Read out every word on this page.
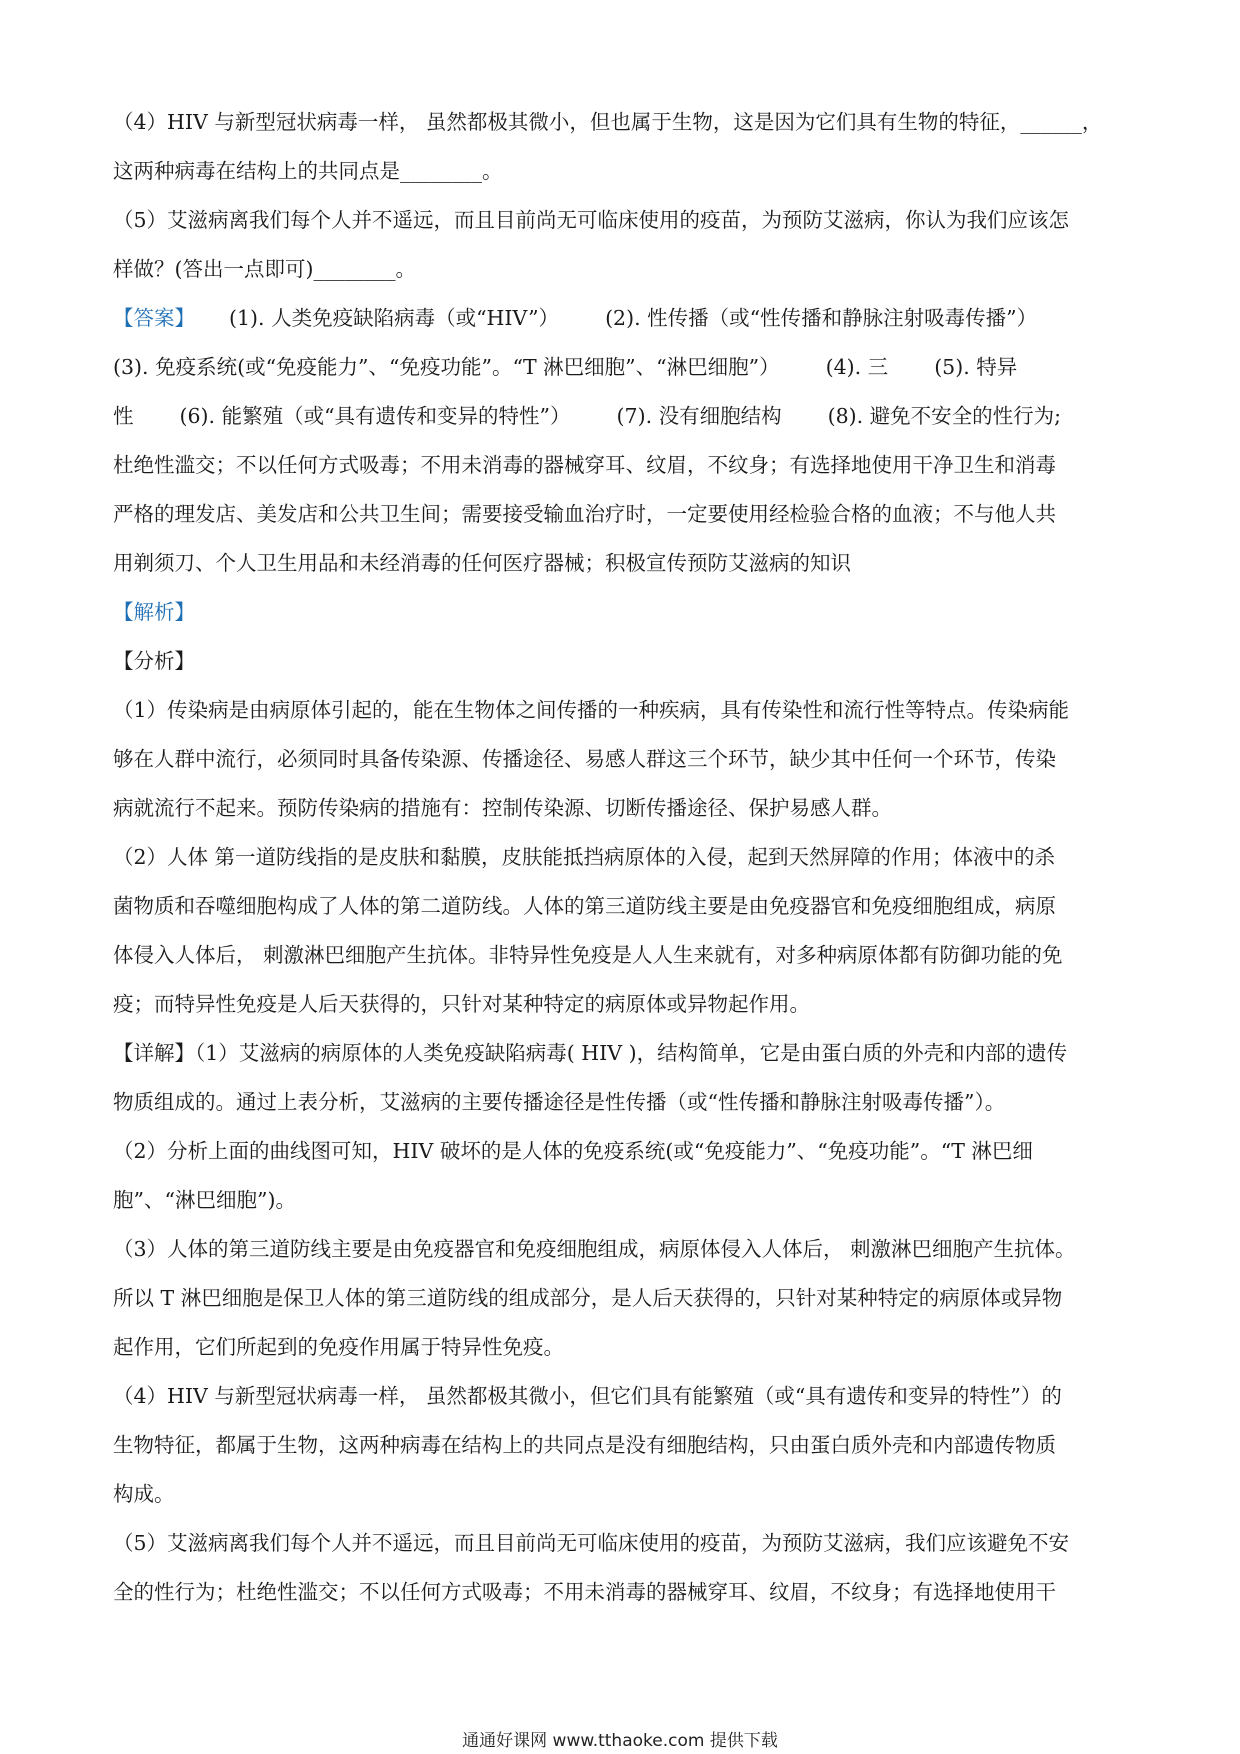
（4）HIV 与新型冠状病毒一样， 虽然都极其微小，但也属于生物，这是因为它们具有生物的特征，______，

这两种病毒在结构上的共同点是________。

（5）艾滋病离我们每个人并不遥远，而且目前尚无可临床使用的疫苗，为预防艾滋病，你认为我们应该怎

样做？(答出一点即可)________。

【答案】 (1). 人类免疫缺陷病毒（或“HIV”） (2). 性传播（或“性传播和静脉注射吸毒传播”）
(3). 免疫系统(或“免疫能力”、“免疫功能”。“T 淋巴细胞”、“淋巴细胞”） (4). 三 (5). 特异
性 (6). 能繁殖（或“具有遗传和变异的特性”） (7). 没有细胞结构 (8). 避免不安全的性行为;

杜绝性滥交；不以任何方式吸毒；不用未消毒的器械穿耳、纹眉，不纹身；有选择地使用干净卫生和消毒

严格的理发店、美发店和公共卫生间；需要接受输血治疗时，一定要使用经检验合格的血液；不与他人共

用剃须刀、个人卫生用品和未经消毒的任何医疗器械；积极宣传预防艾滋病的知识

【解析】

【分析】

（1）传染病是由病原体引起的，能在生物体之间传播的一种疾病，具有传染性和流行性等特点。传染病能

够在人群中流行，必须同时具备传染源、传播途径、易感人群这三个环节，缺少其中任何一个环节，传染

病就流行不起来。预防传染病的措施有：控制传染源、切断传播途径、保护易感人群。

（2）人体 第一道防线指的是皮肤和黏膜，皮肤能抵挡病原体的入侵，起到天然屏障的作用；体液中的杀

菌物质和吞噬细胞构成了人体的第二道防线。人体的第三道防线主要是由免疫器官和免疫细胞组成，病原

体侵入人体后， 刺激淋巴细胞产生抗体。非特异性免疫是人人生来就有，对多种病原体都有防御功能的免

疫；而特异性免疫是人后天获得的，只针对某种特定的病原体或异物起作用。

【详解】（1）艾滋病的病原体的人类免疫缺陷病毒( HIV )，结构简单，它是由蛋白质的外壳和内部的遗传

物质组成的。通过上表分析，艾滋病的主要传播途径是性传播（或“性传播和静脉注射吸毒传播”）。

（2）分析上面的曲线图可知，HIV 破坏的是人体的免疫系统(或“免疫能力”、“免疫功能”。“T 淋巴细

胞”、“淋巴细胞”)。

（3）人体的第三道防线主要是由免疫器官和免疫细胞组成，病原体侵入人体后， 刺激淋巴细胞产生抗体。

所以 T 淋巴细胞是保卫人体的第三道防线的组成部分，是人后天获得的，只针对某种特定的病原体或异物

起作用，它们所起到的免疫作用属于特异性免疫。

（4）HIV 与新型冠状病毒一样， 虽然都极其微小，但它们具有能繁殖（或“具有遗传和变异的特性”）的

生物特征，都属于生物，这两种病毒在结构上的共同点是没有细胞结构，只由蛋白质外壳和内部遗传物质

构成。

（5）艾滋病离我们每个人并不遥远，而且目前尚无可临床使用的疫苗，为预防艾滋病，我们应该避免不安

全的性行为；杜绝性滥交；不以任何方式吸毒；不用未消毒的器械穿耳、纹眉，不纹身；有选择地使用干

通通好课网 www.tthaoke.com 提供下载
